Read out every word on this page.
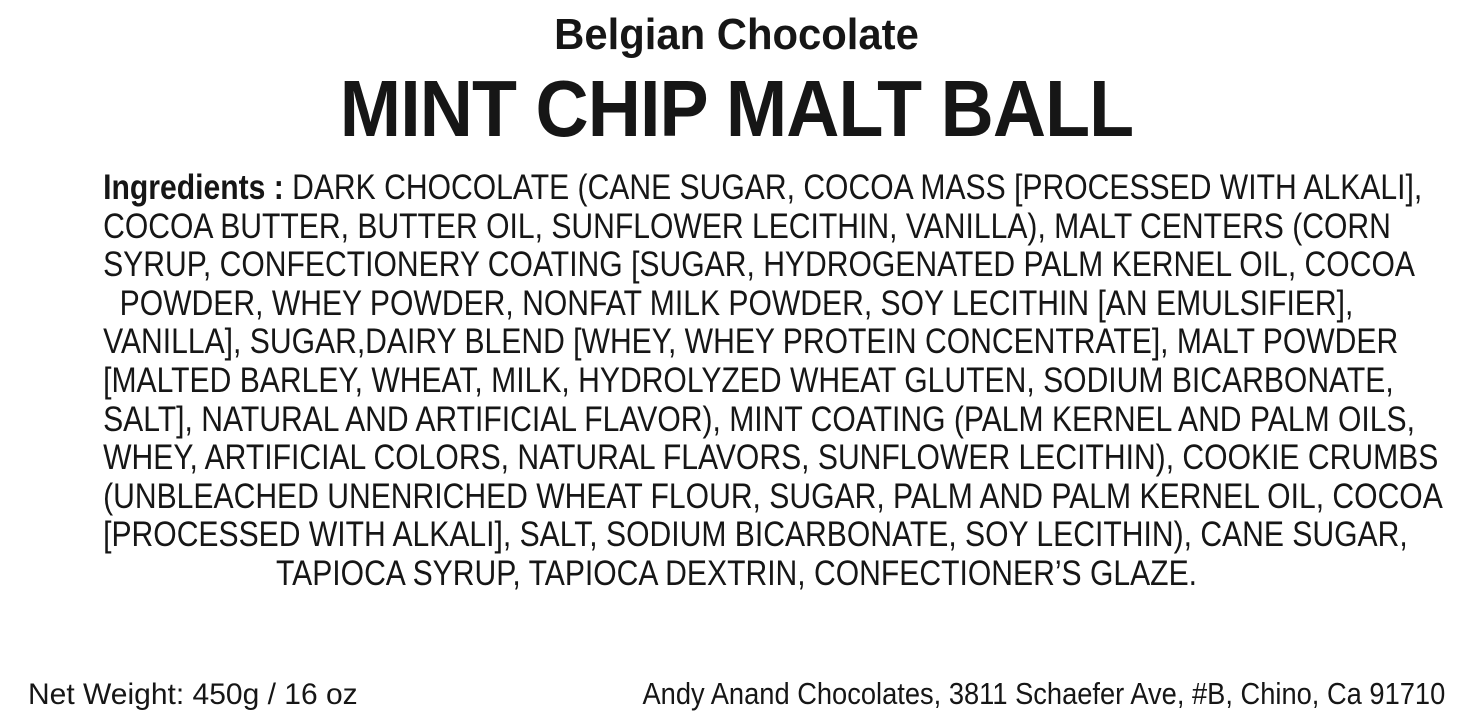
Belgian Chocolate
MINT CHIP MALT BALL
Ingredients : DARK CHOCOLATE (CANE SUGAR, COCOA MASS [PROCESSED WITH ALKALI],
COCOA BUTTER, BUTTER OIL, SUNFLOWER LECITHIN, VANILLA), MALT CENTERS (CORN
SYRUP, CONFECTIONERY COATING [SUGAR, HYDROGENATED PALM KERNEL OIL, COCOA
POWDER, WHEY POWDER, NONFAT MILK POWDER, SOY LECITHIN [AN EMULSIFIER],
VANILLA], SUGAR,DAIRY BLEND [WHEY, WHEY PROTEIN CONCENTRATE], MALT POWDER
[MALTED BARLEY, WHEAT, MILK, HYDROLYZED WHEAT GLUTEN, SODIUM BICARBONATE,
SALT], NATURAL AND ARTIFICIAL FLAVOR), MINT COATING (PALM KERNEL AND PALM OILS,
WHEY, ARTIFICIAL COLORS, NATURAL FLAVORS, SUNFLOWER LECITHIN), COOKIE CRUMBS
(UNBLEACHED UNENRICHED WHEAT FLOUR, SUGAR, PALM AND PALM KERNEL OIL, COCOA
[PROCESSED WITH ALKALI], SALT, SODIUM BICARBONATE, SOY LECITHIN), CANE SUGAR,
TAPIOCA SYRUP, TAPIOCA DEXTRIN, CONFECTIONER’S GLAZE.
Net Weight: 450g / 16 oz	Andy Anand Chocolates, 3811 Schaefer Ave, #B, Chino, Ca 91710
